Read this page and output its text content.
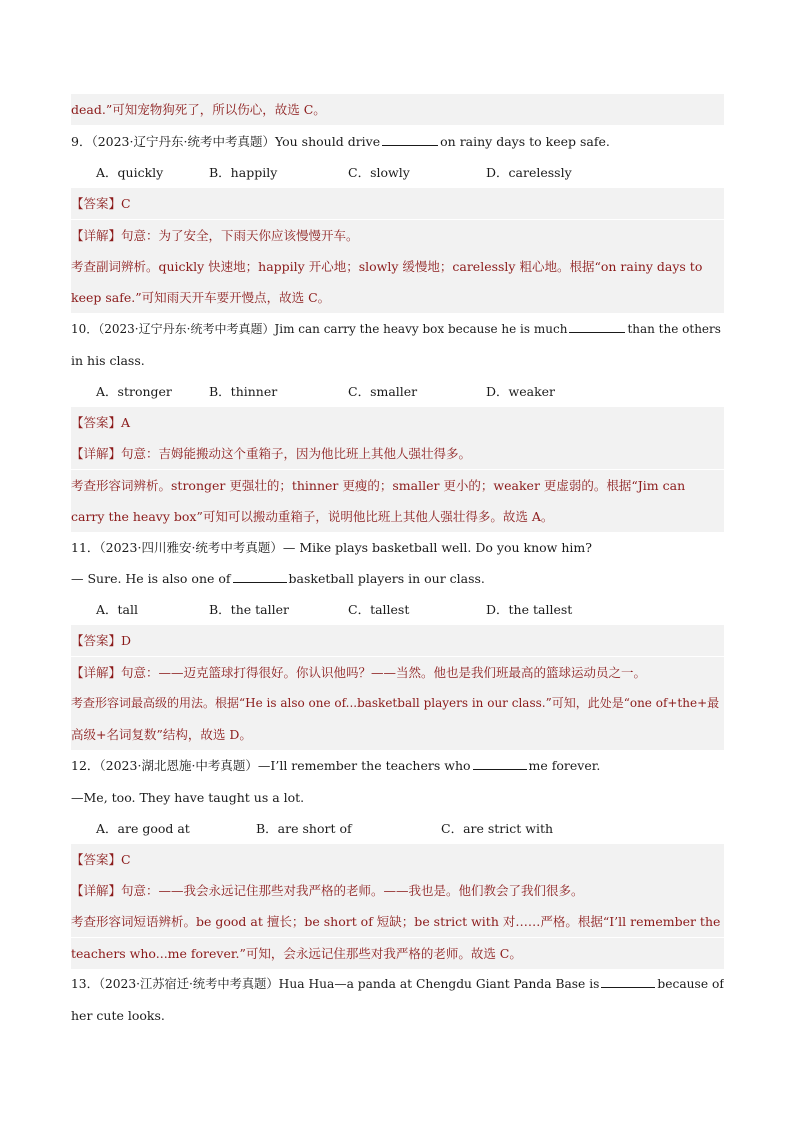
dead.”可知宠物狗死了，所以伤心，故选 C。
9．（2023·辽宁丹东·统考中考真题）You should drive	on rainy days to keep safe.
A．quickly	B．happily	C．slowly	D．carelessly
【答案】C
【详解】句意：为了安全，下雨天你应该慢慢开车。
考查副词辨析。quickly 快速地；happily 开心地；slowly 缓慢地；carelessly 粗心地。根据“on rainy days to
keep safe.”可知雨天开车要开慢点，故选 C。
10．（2023·辽宁丹东·统考中考真题）Jim can carry the heavy box because he is much	than the others
in his class.
A．stronger	B．thinner	C．smaller	D．weaker
【答案】A
【详解】句意：吉姆能搬动这个重箱子，因为他比班上其他人强壮得多。
考查形容词辨析。stronger 更强壮的；thinner 更瘦的；smaller 更小的；weaker 更虚弱的。根据“Jim can
carry the heavy box”可知可以搬动重箱子，说明他比班上其他人强壮得多。故选 A。
11．（2023·四川雅安·统考中考真题）— Mike plays basketball well. Do you know him?
— Sure. He is also one of	basketball players in our class.
A．tall	B．the taller	C．tallest	D．the tallest
【答案】D
【详解】句意：——迈克篮球打得很好。你认识他吗？——当然。他也是我们班最高的篮球运动员之一。
考查形容词最高级的用法。根据“He is also one of...basketball players in our class.”可知，此处是“one of+the+最
高级+名词复数”结构，故选 D。
12．（2023·湖北恩施·中考真题）—I’ll remember the teachers who	me forever.
—Me, too. They have taught us a lot.
A．are good at	B．are short of	C．are strict with
【答案】C
【详解】句意：——我会永远记住那些对我严格的老师。——我也是。他们教会了我们很多。
考查形容词短语辨析。be good at 擅长；be short of 短缺；be strict with 对……严格。根据“I’ll remember the
teachers who...me forever.”可知，会永远记住那些对我严格的老师。故选 C。
13．（2023·江苏宿迁·统考中考真题）Hua Hua—a panda at Chengdu Giant Panda Base is	because of
her cute looks.
